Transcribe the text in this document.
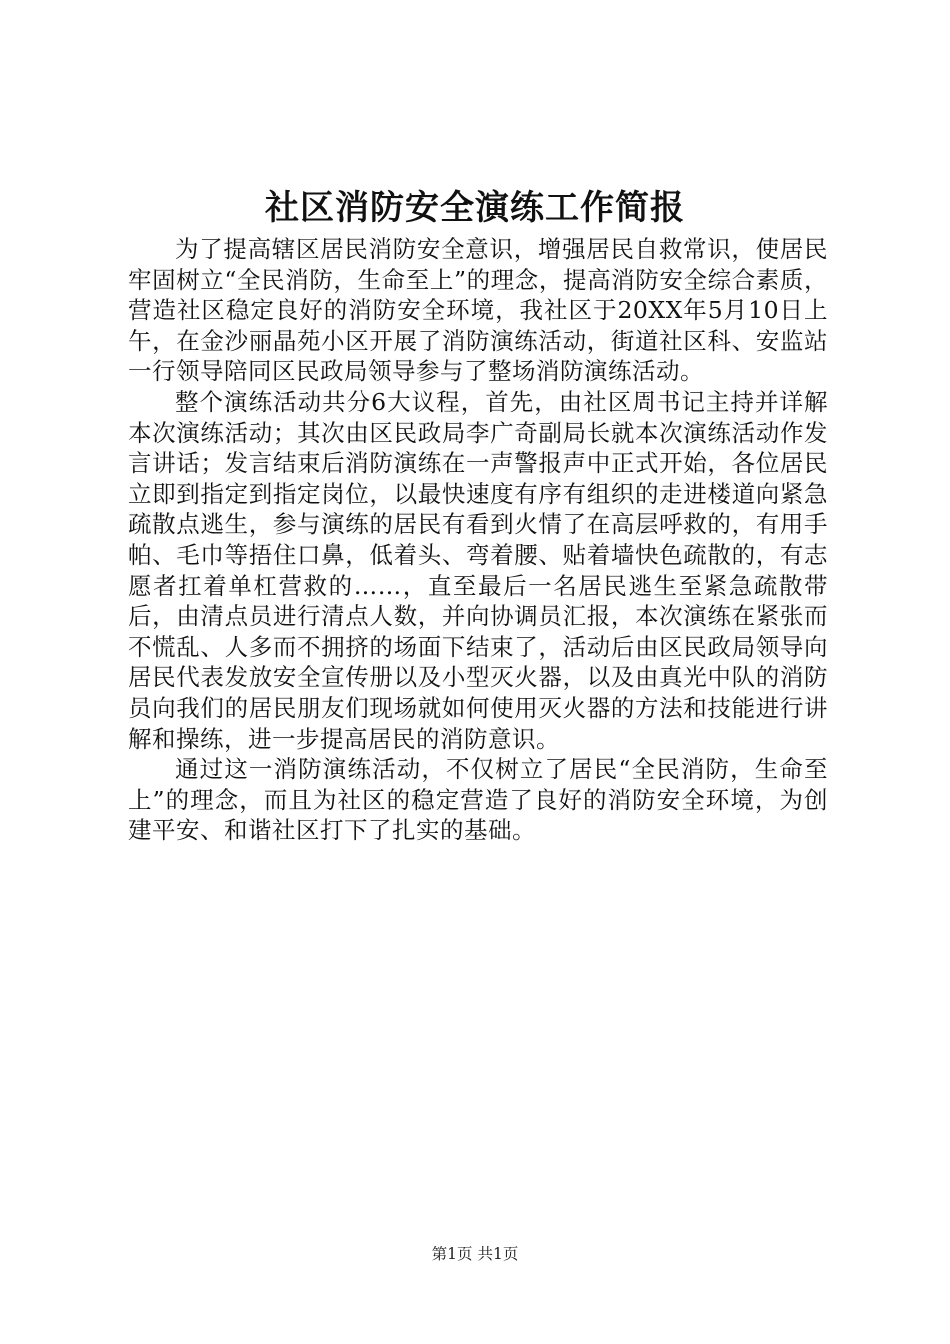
社区消防安全演练工作简报

为了提高辖区居民消防安全意识，增强居民自救常识，使居民牢固树立“全民消防，生命至上”的理念，提高消防安全综合素质，营造社区稳定良好的消防安全环境，我社区于20XX年5月10日上午，在金沙丽晶苑小区开展了消防演练活动，街道社区科、安监站一行领导陪同区民政局领导参与了整场消防演练活动。

整个演练活动共分6大议程，首先，由社区周书记主持并详解本次演练活动；其次由区民政局李广奇副局长就本次演练活动作发言讲话；发言结束后消防演练在一声警报声中正式开始，各位居民立即到指定到指定岗位，以最快速度有序有组织的走进楼道向紧急疏散点逃生，参与演练的居民有看到火情了在高层呼救的，有用手帕、毛巾等捂住口鼻，低着头、弯着腰、贴着墙快色疏散的，有志愿者扛着单杠营救的……，直至最后一名居民逃生至紧急疏散带后，由清点员进行清点人数，并向协调员汇报，本次演练在紧张而不慌乱、人多而不拥挤的场面下结束了，活动后由区民政局领导向居民代表发放安全宣传册以及小型灭火器，以及由真光中队的消防员向我们的居民朋友们现场就如何使用灭火器的方法和技能进行讲解和操练，进一步提高居民的消防意识。

通过这一消防演练活动，不仅树立了居民“全民消防，生命至上”的理念，而且为社区的稳定营造了良好的消防安全环境，为创建平安、和谐社区打下了扎实的基础。

第1页 共1页
